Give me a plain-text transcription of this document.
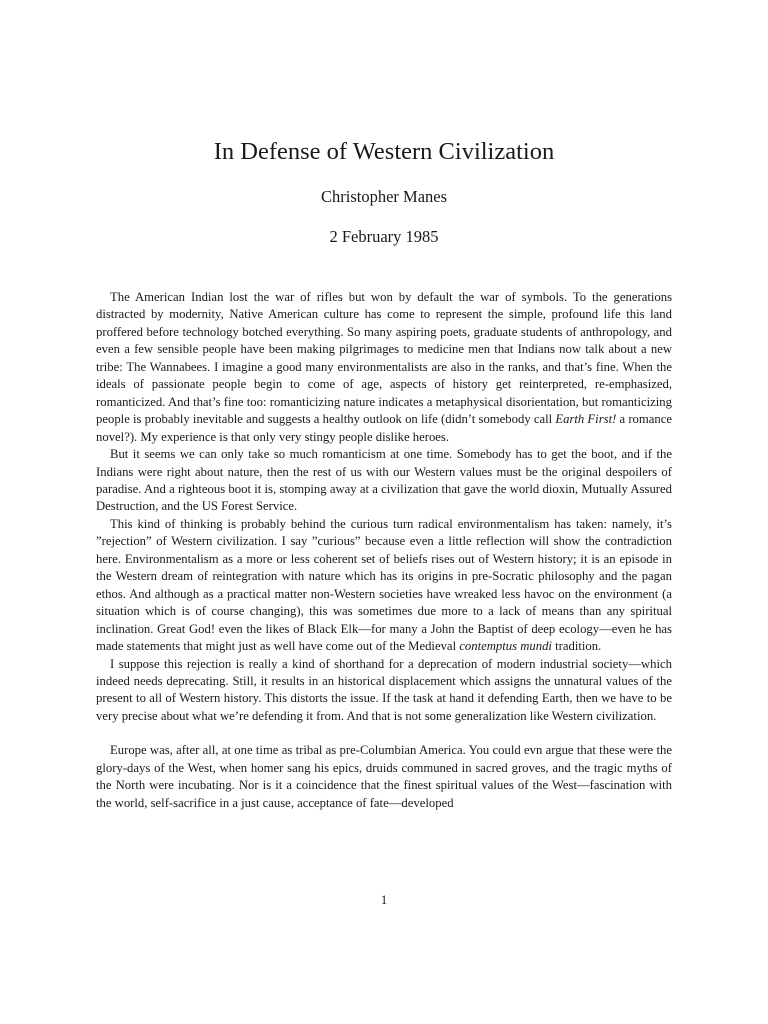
In Defense of Western Civilization
Christopher Manes
2 February 1985

The American Indian lost the war of rifles but won by default the war of symbols. To the generations distracted by modernity, Native American culture has come to represent the simple, profound life this land proffered before technology botched everything. So many aspiring poets, graduate students of anthropology, and even a few sensible people have been making pilgrimages to medicine men that Indians now talk about a new tribe: The Wannabees. I imagine a good many environmentalists are also in the ranks, and that’s fine. When the ideals of passionate people begin to come of age, aspects of history get reinterpreted, re-emphasized, romanticized. And that’s fine too: romanticizing nature indicates a metaphysical disorientation, but romanticizing people is probably inevitable and suggests a healthy outlook on life (didn’t somebody call Earth First! a romance novel?). My experience is that only very stingy people dislike heroes.

But it seems we can only take so much romanticism at one time. Somebody has to get the boot, and if the Indians were right about nature, then the rest of us with our Western values must be the original despoilers of paradise. And a righteous boot it is, stomping away at a civilization that gave the world dioxin, Mutually Assured Destruction, and the US Forest Service.

This kind of thinking is probably behind the curious turn radical environmentalism has taken: namely, it’s ”rejection” of Western civilization. I say ”curious” because even a little reflection will show the contradiction here. Environmentalism as a more or less coherent set of beliefs rises out of Western history; it is an episode in the Western dream of reintegration with nature which has its origins in pre-Socratic philosophy and the pagan ethos. And although as a practical matter non-Western societies have wreaked less havoc on the environment (a situation which is of course changing), this was sometimes due more to a lack of means than any spiritual inclination. Great God! even the likes of Black Elk—for many a John the Baptist of deep ecology—even he has made statements that might just as well have come out of the Medieval contemptus mundi tradition.

I suppose this rejection is really a kind of shorthand for a deprecation of modern industrial society—which indeed needs deprecating. Still, it results in an historical displacement which assigns the unnatural values of the present to all of Western history. This distorts the issue. If the task at hand it defending Earth, then we have to be very precise about what we’re defending it from. And that is not some generalization like Western civilization.

Europe was, after all, at one time as tribal as pre-Columbian America. You could evn argue that these were the glory-days of the West, when homer sang his epics, druids communed in sacred groves, and the tragic myths of the North were incubating. Nor is it a coincidence that the finest spiritual values of the West—fascination with the world, self-sacrifice in a just cause, acceptance of fate—developed

1
